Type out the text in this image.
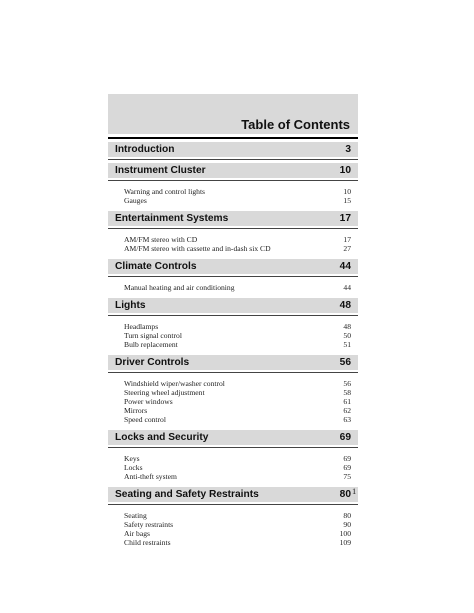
Table of Contents
Introduction	3
Instrument Cluster	10
Warning and control lights	10
Gauges	15
Entertainment Systems	17
AM/FM stereo with CD	17
AM/FM stereo with cassette and in-dash six CD	27
Climate Controls	44
Manual heating and air conditioning	44
Lights	48
Headlamps	48
Turn signal control	50
Bulb replacement	51
Driver Controls	56
Windshield wiper/washer control	56
Steering wheel adjustment	58
Power windows	61
Mirrors	62
Speed control	63
Locks and Security	69
Keys	69
Locks	69
Anti-theft system	75
Seating and Safety Restraints	80
Seating	80
Safety restraints	90
Air bags	100
Child restraints	109
1
